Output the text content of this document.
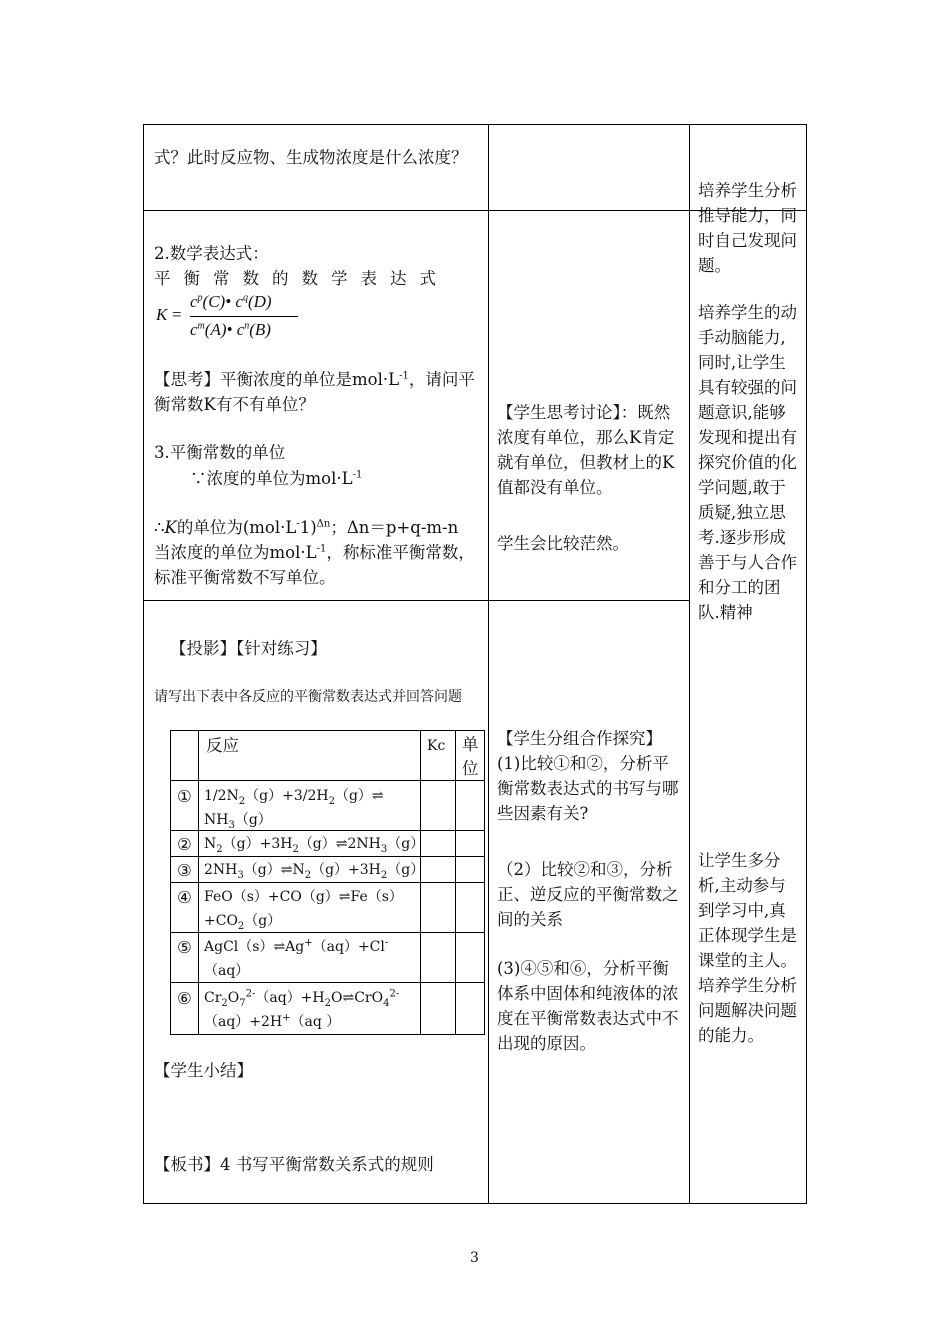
式？此时反应物、生成物浓度是什么浓度？
2.数学表达式：
平衡常数的数学表达式
K =
$c^p(C)•$ $c^q(D)$
$c^m(A)•$ $c^n(B)$
【思考】平衡浓度的单位是$mol\cdot L^{-1}$，请问平衡常数K有不有单位？
3.平衡常数的单位
∵浓度的单位为$mol\cdot L^{-1}$
∴K的单位为$(mol\cdot L^-1)^{\Delta n}$；Δn＝p+q-m-n
当浓度的单位为$mol\cdot L^{-1}$，称标准平衡常数，标准平衡常数不写单位。
【投影】【针对练习】
请写出下表中各反应的平衡常数表达式并回答问题
反应	Kc 单位
① $1/2N_2(g)+3/2H_2(g)\rightleftharpoons$
$NH_3(g)$
② $N_2(g)+3H_2(g)\rightleftharpoons 2NH_3(g)$
③ $2NH_3(g)\rightleftharpoons N_2(g)+3H_2(g)$
④ FeO（s）+CO（g）⇌Fe（s）
$+CO_2(g)$
⑤ AgCl（s）⇌Ag+（aq）+Cl-
（aq）
⑥ $Cr_2O_7^{2-}(aq)+H_2O\rightleftharpoons CrO_4^{2-}$
（aq）+2H+（aq ）
【学生小结】
【板书】4 书写平衡常数关系式的规则
【学生思考讨论】：既然浓度有单位，那么K肯定就有单位，但教材上的K值都没有单位。
学生会比较茫然。
【学生分组合作探究】
(1)比较①和②，分析平衡常数表达式的书写与哪些因素有关?
（2）比较②和③，分析正、逆反应的平衡常数之间的关系
(3)④⑤和⑥，分析平衡体系中固体和纯液体的浓度在平衡常数表达式中不出现的原因。
培养学生分析推导能力，同时自己发现问题。
培养学生的动手动脑能力,同时,让学生具有较强的问题意识,能够发现和提出有探究价值的化学问题,敢于质疑,独立思考.逐步形成善于与人合作和分工的团队.精神
让学生多分析,主动参与到学习中,真正体现学生是课堂的主人。培养学生分析问题解决问题的能力。
3
